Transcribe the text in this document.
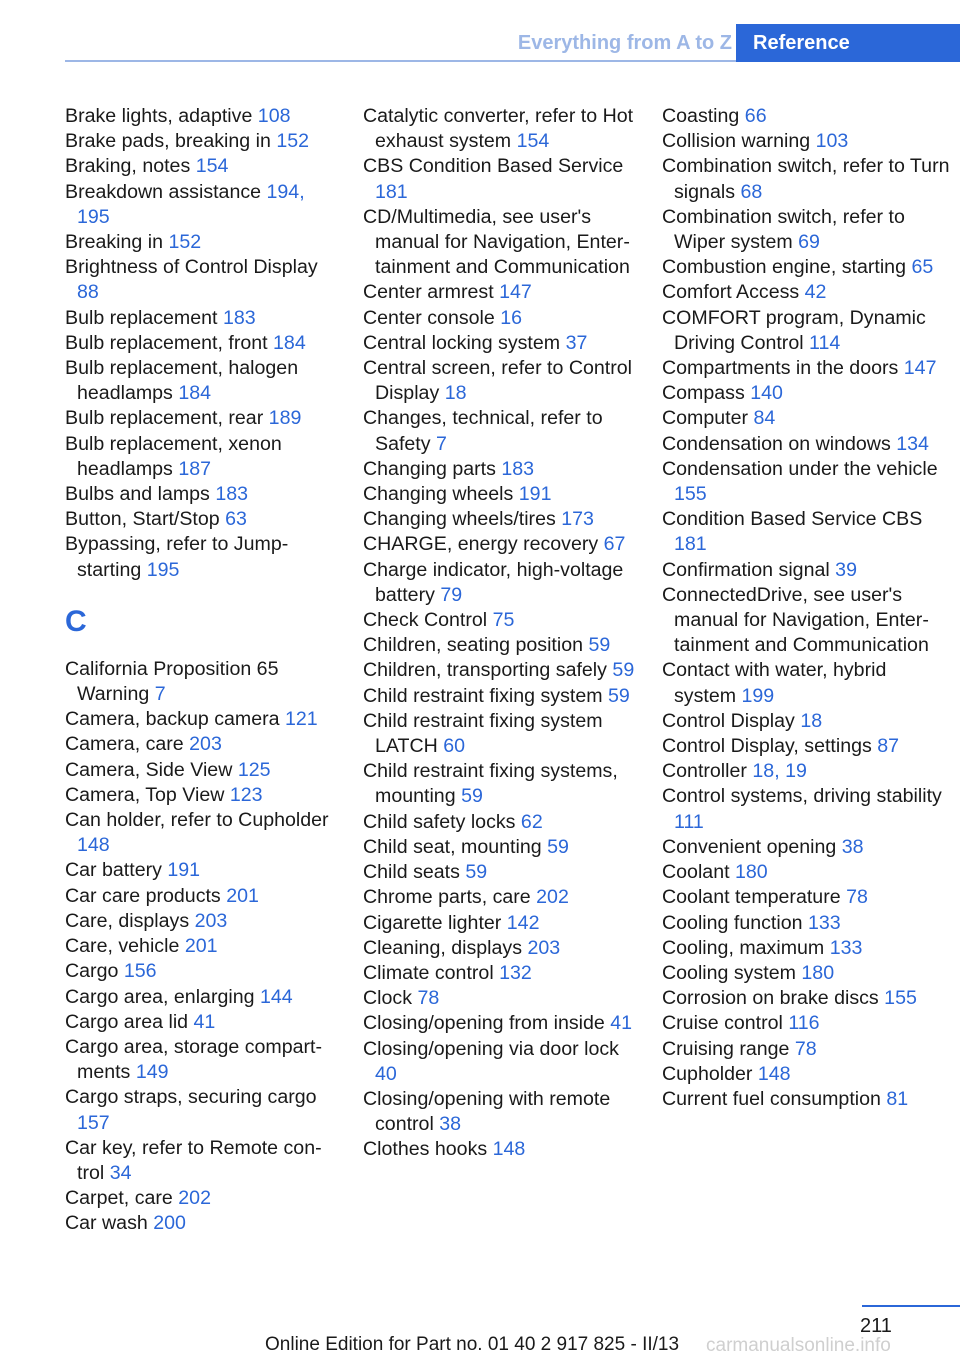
Everything from A to Z	Reference
Brake lights, adaptive 108
Brake pads, breaking in 152
Braking, notes 154
Breakdown assistance 194, 195
Breaking in 152
Brightness of Control Display 88
Bulb replacement 183
Bulb replacement, front 184
Bulb replacement, halogen headlamps 184
Bulb replacement, rear 189
Bulb replacement, xenon headlamps 187
Bulbs and lamps 183
Button, Start/Stop 63
Bypassing, refer to Jump-starting 195
C
California Proposition 65 Warning 7
Camera, backup camera 121
Camera, care 203
Camera, Side View 125
Camera, Top View 123
Can holder, refer to Cupholder 148
Car battery 191
Car care products 201
Care, displays 203
Care, vehicle 201
Cargo 156
Cargo area, enlarging 144
Cargo area lid 41
Cargo area, storage compartments 149
Cargo straps, securing cargo 157
Car key, refer to Remote control 34
Carpet, care 202
Car wash 200
Catalytic converter, refer to Hot exhaust system 154
CBS Condition Based Service 181
CD/Multimedia, see user's manual for Navigation, Entertainment and Communication
Center armrest 147
Center console 16
Central locking system 37
Central screen, refer to Control Display 18
Changes, technical, refer to Safety 7
Changing parts 183
Changing wheels 191
Changing wheels/tires 173
CHARGE, energy recovery 67
Charge indicator, high-voltage battery 79
Check Control 75
Children, seating position 59
Children, transporting safely 59
Child restraint fixing system 59
Child restraint fixing system LATCH 60
Child restraint fixing systems, mounting 59
Child safety locks 62
Child seat, mounting 59
Child seats 59
Chrome parts, care 202
Cigarette lighter 142
Cleaning, displays 203
Climate control 132
Clock 78
Closing/opening from inside 41
Closing/opening via door lock 40
Closing/opening with remote control 38
Clothes hooks 148
Coasting 66
Collision warning 103
Combination switch, refer to Turn signals 68
Combination switch, refer to Wiper system 69
Combustion engine, starting 65
Comfort Access 42
COMFORT program, Dynamic Driving Control 114
Compartments in the doors 147
Compass 140
Computer 84
Condensation on windows 134
Condensation under the vehicle 155
Condition Based Service CBS 181
Confirmation signal 39
ConnectedDrive, see user's manual for Navigation, Entertainment and Communication
Contact with water, hybrid system 199
Control Display 18
Control Display, settings 87
Controller 18, 19
Control systems, driving stability 111
Convenient opening 38
Coolant 180
Coolant temperature 78
Cooling function 133
Cooling, maximum 133
Cooling system 180
Corrosion on brake discs 155
Cruise control 116
Cruising range 78
Cupholder 148
Current fuel consumption 81
211
Online Edition for Part no. 01 40 2 917 825 - II/13	carmanualsonline.info
